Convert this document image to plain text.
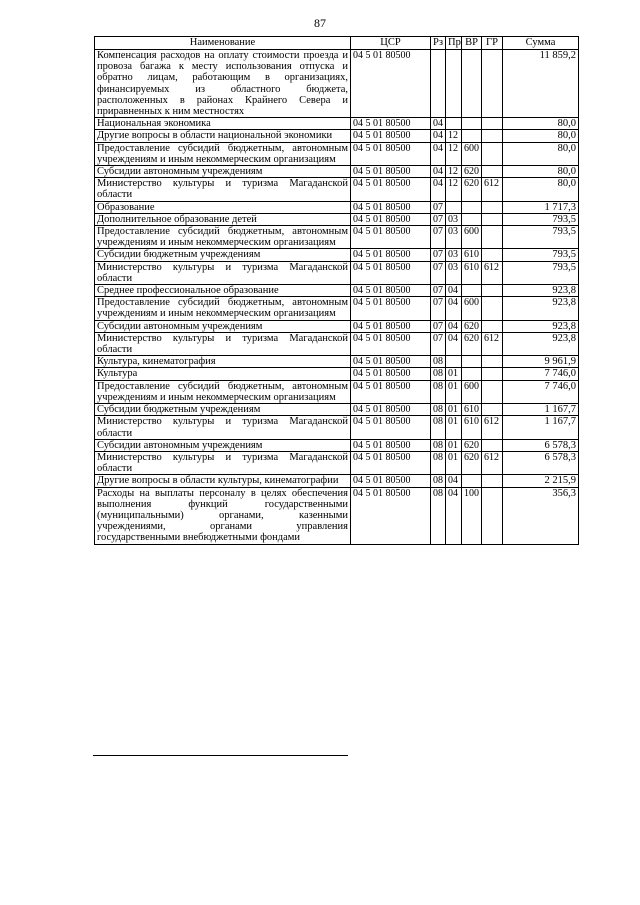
87
Наименование	ЦСР	Рз	Пр	ВР	ГР	Сумма
Компенсация расходов на оплату стоимости проезда и провоза багажа к месту использования отпуска и обратно лицам, работающим в организациях, финансируемых из областного бюджета, расположенных в районах Крайнего Севера и приравненных к ним местностях	04 5 01 80500					11 859,2
Национальная экономика	04 5 01 80500	04				80,0
Другие вопросы в области национальной экономики	04 5 01 80500	04	12			80,0
Предоставление субсидий бюджетным, автономным учреждениям и иным некоммерческим организациям	04 5 01 80500	04	12	600		80,0
Субсидии автономным учреждениям	04 5 01 80500	04	12	620		80,0
Министерство культуры и туризма Магаданской области	04 5 01 80500	04	12	620	612	80,0
Образование	04 5 01 80500	07				1 717,3
Дополнительное образование детей	04 5 01 80500	07	03			793,5
Предоставление субсидий бюджетным, автономным учреждениям и иным некоммерческим организациям	04 5 01 80500	07	03	600		793,5
Субсидии бюджетным учреждениям	04 5 01 80500	07	03	610		793,5
Министерство культуры и туризма Магаданской области	04 5 01 80500	07	03	610	612	793,5
Среднее профессиональное образование	04 5 01 80500	07	04			923,8
Предоставление субсидий бюджетным, автономным учреждениям и иным некоммерческим организациям	04 5 01 80500	07	04	600		923,8
Субсидии автономным учреждениям	04 5 01 80500	07	04	620		923,8
Министерство культуры и туризма Магаданской области	04 5 01 80500	07	04	620	612	923,8
Культура, кинематография	04 5 01 80500	08				9 961,9
Культура	04 5 01 80500	08	01			7 746,0
Предоставление субсидий бюджетным, автономным учреждениям и иным некоммерческим организациям	04 5 01 80500	08	01	600		7 746,0
Субсидии бюджетным учреждениям	04 5 01 80500	08	01	610		1 167,7
Министерство культуры и туризма Магаданской области	04 5 01 80500	08	01	610	612	1 167,7
Субсидии автономным учреждениям	04 5 01 80500	08	01	620		6 578,3
Министерство культуры и туризма Магаданской области	04 5 01 80500	08	01	620	612	6 578,3
Другие вопросы в области культуры, кинематографии	04 5 01 80500	08	04			2 215,9
Расходы на выплаты персоналу в целях обеспечения выполнения функций государственными (муниципальными) органами, казенными учреждениями, органами управления государственными внебюджетными фондами	04 5 01 80500	08	04	100		356,3
